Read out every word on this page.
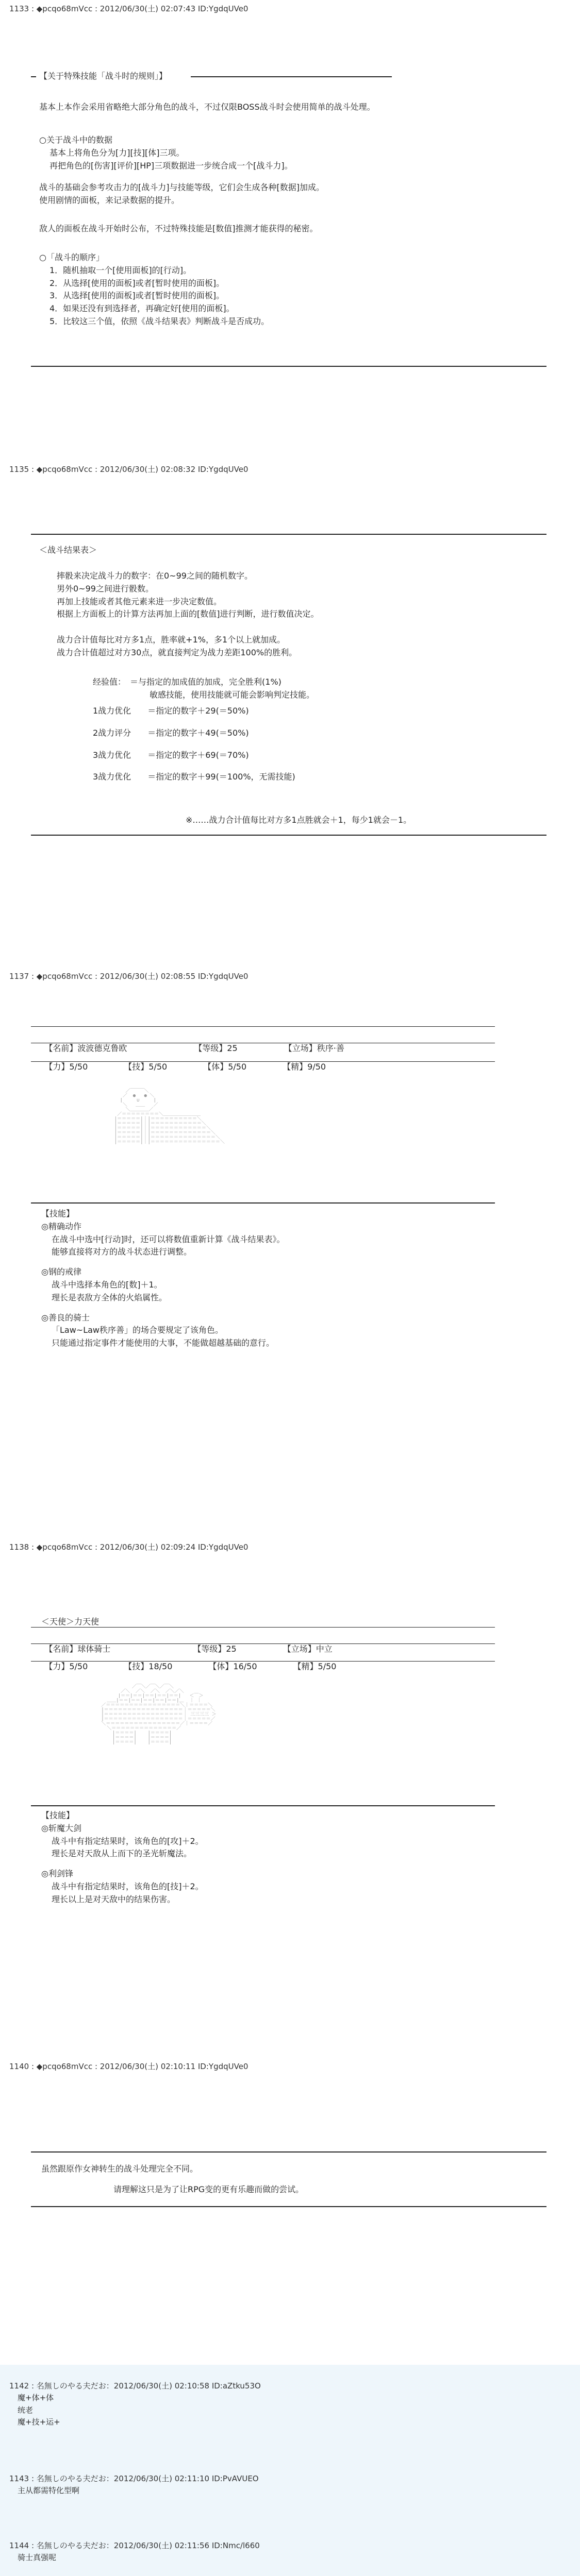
1133 : ◆pcqo68mVcc : 2012/06/30(土) 02:07:43 ID:YgdqUVe0
【关于特殊技能「战斗时的规则」】
基本上本作会采用省略绝大部分角色的战斗，不过仅限BOSS战斗时会使用简单的战斗处理。
○关于战斗中的数据
基本上将角色分为[力][技][体]三项。
再把角色的[伤害][评价][HP]三项数据进一步统合成一个[战斗力]。
战斗的基础会参考攻击力的[战斗力]与技能等级，它们会生成各种[数据]加成。
使用剧情的面板，来记录数据的提升。
敌人的面板在战斗开始时公布，不过特殊技能是[数值]推测才能获得的秘密。
○「战斗的顺序」
1．随机抽取一个[使用面板]的[行动]。
2．从选择[使用的面板]或者[暂时使用的面板]。
3．从选择[使用的面板]或者[暂时使用的面板]。
4．如果还没有到选择者，再确定好[使用的面板]。
5．比较这三个值，依照《战斗结果表》判断战斗是否成功。
1135 : ◆pcqo68mVcc : 2012/06/30(土) 02:08:32 ID:YgdqUVe0
＜战斗结果表＞
摔骰来决定战斗力的数字：在0~99之间的随机数字。
男外0~99之间进行骰数。
再加上技能或者其他元素来进一步决定数值。
根据上方面板上的计算方法再加上面的[数值]进行判断，进行数值决定。
战力合计值每比对方多1点，胜率就+1%，多1个以上就加成。
战力合计值超过对方30点，就直接判定为战力差距100%的胜利。
经验值：　 ＝与指定的加成值的加成，完全胜利(1%)
敏感技能，使用技能就可能会影响判定技能。
1战力优化　　 ＝指定的数字＋29(＝50%)
2战力评分　　 ＝指定的数字＋49(＝50%)
3战力优化　　 ＝指定的数字＋69(＝70%)
3战力优化　　 ＝指定的数字＋99(＝100%，无需技能)
※……战力合计值每比对方多1点胜就会＋1，每少1就会－1。
1137 : ◆pcqo68mVcc : 2012/06/30(土) 02:08:55 ID:YgdqUVe0

【名前】波波德克鲁欧	【等级】25	【立场】秩序·善

【力】5/50	【技】5/50	【体】5/50	【精】9/50

／￣￣￣＼
／  ●   ● ＼
|     ∪     |
＼   ＿＿   ／
＼＿＿＿＿／
／＝＝＝＝＝＝＝＝＼＿＿＿＿＿＿＿＿
|＝＝＝＝＝|｜|＝＝＝＝＝＝＝＝＝＝＼
|＝＝＝＝＝|｜|＝＝＝＝＝＝＝＝＝＝＝＼
|＝＝＝＝＝|｜|＝＝＝＝＝＝＝＝＝＝＝＝＼
|＝＝＝＝＝|｜|＝＝＝＝＝＝＝＝＝＝＝＝＝＼
|＝＝＝＝＝|｜|＝＝＝＝＝＝＝＝＝＝＝＝＝＝＼
|＝＝＝＝＝|｜|＝＝＝＝＝＝＝＝＝＝＝＝＝＝＝＼
【技能】
◎精确动作
在战斗中选中[行动]时，还可以将数值重新计算《战斗结果表》。
能够直接将对方的战斗状态进行调整。
◎钢的戒律
战斗中选择本角色的[数]＋1。
理长是表敌方全体的火焰属性。
◎善良的骑士
「Law~Law秩序善」的场合要规定了该角色。
只能通过指定事件才能使用的大事，不能做超越基础的意行。
1138 : ◆pcqo68mVcc : 2012/06/30(土) 02:09:24 ID:YgdqUVe0
＜天使＞力天使

【名前】球体骑士	【等级】25	【立场】中立

【力】5/50	【技】18/50	【体】16/50	【精】5/50

／￣＼／￣＼／￣＼
／＼  ／＼  ／＼  ／＼／＼
|＝＝|＝＝|＝＝|＝＝|＝＝|   ＜￣＞
＿＿|＝＝|＝＝|＝＝|＝＝|＝＝|＿  ｜ ｜
／＝＝＝＝＝＝＝＝＝＝＝＝＝＝＝＝＼｜＝＝＝＝＼
|＝＝＝＝＝＝＝＝＝＝＝＝＝＝＝＝＝｜＝＝＝＝＝＼
|＝＝＝＝＝＝＝＝＝＝＝＝＝＝＝＝＝｜ 三三三三 ＞
|＝＝＝＝＝＝＝＝＝＝＝＝＝＝＝＝＝｜＝＝＝＝＝／
＼＝＝＝＝＝＝＝＝＝＝＝＝＝＝＝＝／｜＝＝＝＝／
＼＝＝＝＝＝＝＝＝＝＝＝＝＝＝／
|＝＝＝＝|    |＝＝＝＝|
|＝＝＝＝|    |＝＝＝＝|
|＝＝＝＝|    |＝＝＝＝|
【技能】
◎斩魔大剑
战斗中有指定结果时，该角色的[攻]＋2。
理长是对天敌从上而下的圣光斩魔法。
◎利剑锋
战斗中有指定结果时，该角色的[技]＋2。
理长以上是对天敌中的结果伤害。
1140 : ◆pcqo68mVcc : 2012/06/30(土) 02:10:11 ID:YgdqUVe0
虽然跟原作女神转生的战斗处理完全不同。
请理解这只是为了让RPG变的更有乐趣而做的尝试。
1142 : 名無しのやる夫だお：2012/06/30(土) 02:10:58 ID:aZtku53O
魔+体+体
统老
魔+技+运+
1143 : 名無しのやる夫だお：2012/06/30(土) 02:11:10 ID:PvAVUEO
主从都需特化型啊
1144 : 名無しのやる夫だお：2012/06/30(土) 02:11:56 ID:Nmc/l660
骑士真强呢
